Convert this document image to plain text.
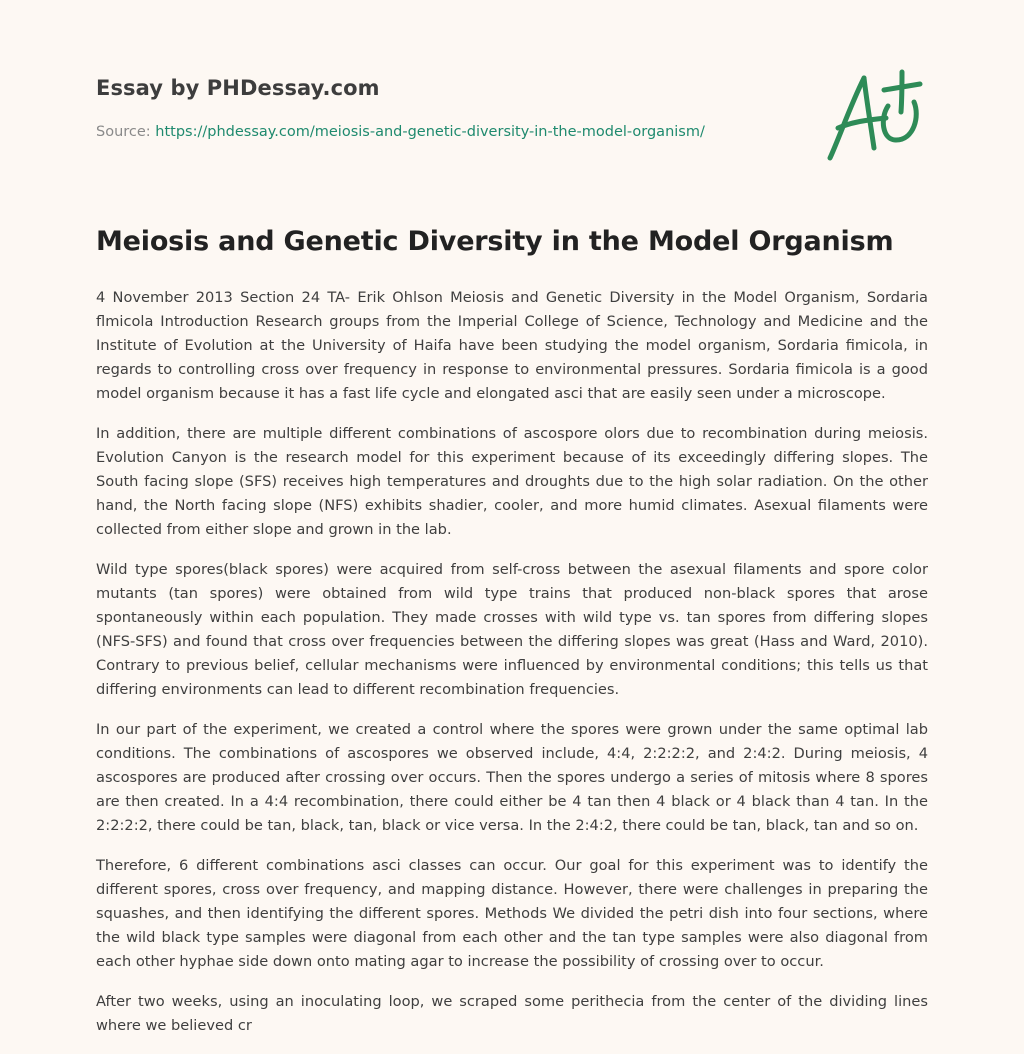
Essay by PHDessay.com
Source: https://phdessay.com/meiosis-and-genetic-diversity-in-the-model-organism/
Meiosis and Genetic Diversity in the Model Organism

4 November 2013 Section 24 TA- Erik Ohlson Meiosis and Genetic Diversity in the Model Organism, Sordaria flmicola Introduction Research groups from the Imperial College of Science, Technology and Medicine and the Institute of Evolution at the University of Haifa have been studying the model organism, Sordaria fimicola, in regards to controlling cross over frequency in response to environmental pressures. Sordaria fimicola is a good model organism because it has a fast life cycle and elongated asci that are easily seen under a microscope.

In addition, there are multiple different combinations of ascospore olors due to recombination during meiosis. Evolution Canyon is the research model for this experiment because of its exceedingly differing slopes. The South facing slope (SFS) receives high temperatures and droughts due to the high solar radiation. On the other hand, the North facing slope (NFS) exhibits shadier, cooler, and more humid climates. Asexual filaments were collected from either slope and grown in the lab.

Wild type spores(black spores) were acquired from self-cross between the asexual filaments and spore color mutants (tan spores) were obtained from wild type trains that produced non-black spores that arose spontaneously within each population. They made crosses with wild type vs. tan spores from differing slopes (NFS-SFS) and found that cross over frequencies between the differing slopes was great (Hass and Ward, 2010). Contrary to previous belief, cellular mechanisms were influenced by environmental conditions; this tells us that differing environments can lead to different recombination frequencies.

In our part of the experiment, we created a control where the spores were grown under the same optimal lab conditions. The combinations of ascospores we observed include, 4:4, 2:2:2:2, and 2:4:2. During meiosis, 4 ascospores are produced after crossing over occurs. Then the spores undergo a series of mitosis where 8 spores are then created. In a 4:4 recombination, there could either be 4 tan then 4 black or 4 black than 4 tan. In the 2:2:2:2, there could be tan, black, tan, black or vice versa. In the 2:4:2, there could be tan, black, tan and so on.

Therefore, 6 different combinations asci classes can occur. Our goal for this experiment was to identify the different spores, cross over frequency, and mapping distance. However, there were challenges in preparing the squashes, and then identifying the different spores. Methods We divided the petri dish into four sections, where the wild black type samples were diagonal from each other and the tan type samples were also diagonal from each other hyphae side down onto mating agar to increase the possibility of crossing over to occur.

After two weeks, using an inoculating loop, we scraped some perithecia from the center of the dividing lines where we believed cr
